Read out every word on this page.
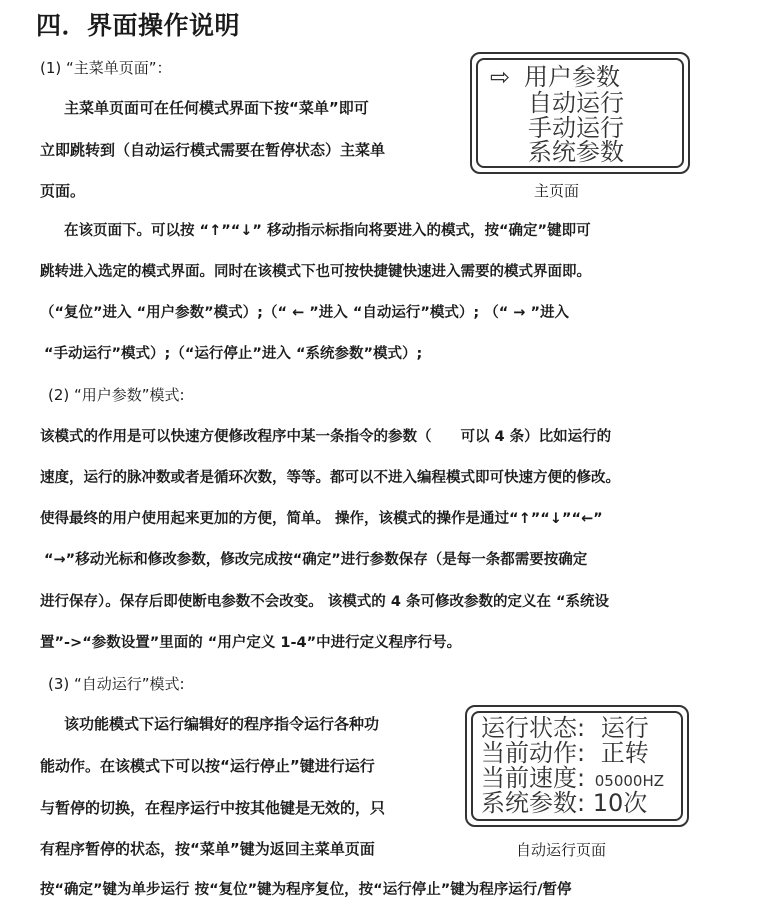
四．界面操作说明
(1) “主菜单页面”：
主菜单页面可在任何模式界面下按“菜单”即可
立即跳转到（自动运行模式需要在暂停状态）主菜单
页面。
在该页面下。可以按 “↑”“↓” 移动指示标指向将要进入的模式，按“确定”键即可
跳转进入选定的模式界面。同时在该模式下也可按快捷键快速进入需要的模式界面即。
（“复位”进入 “用户参数”模式）;（“ ← ”进入 “自动运行”模式）; （“ → ”进入
“手动运行”模式）;（“运行停止”进入 “系统参数”模式）;
⇨ 用户参数
自动运行
手动运行
系统参数
主页面
(2) “用户参数”模式:
该模式的作用是可以快速方便修改程序中某一条指令的参数（　　可以 4 条）比如运行的
速度，运行的脉冲数或者是循环次数，等等。都可以不进入编程模式即可快速方便的修改。
使得最终的用户使用起来更加的方便，简单。 操作，该模式的操作是通过“↑”“↓”“←”
“→”移动光标和修改参数，修改完成按“确定”进行参数保存（是每一条都需要按确定
进行保存）。保存后即使断电参数不会改变。 该模式的 4 条可修改参数的定义在 “系统设
置”->“参数设置”里面的 “用户定义 1-4”中进行定义程序行号。
(3) “自动运行”模式:
该功能模式下运行编辑好的程序指令运行各种功
能动作。在该模式下可以按“运行停止”键进行运行
与暂停的切换，在程序运行中按其他键是无效的，只
有程序暂停的状态，按“菜单”键为返回主菜单页面
按“确定”键为单步运行 按“复位”键为程序复位，按“运行停止”键为程序运行/暂停
运行状态: 运行
当前动作: 正转
当前速度: 05000HZ
系统参数: 10次
自动运行页面
